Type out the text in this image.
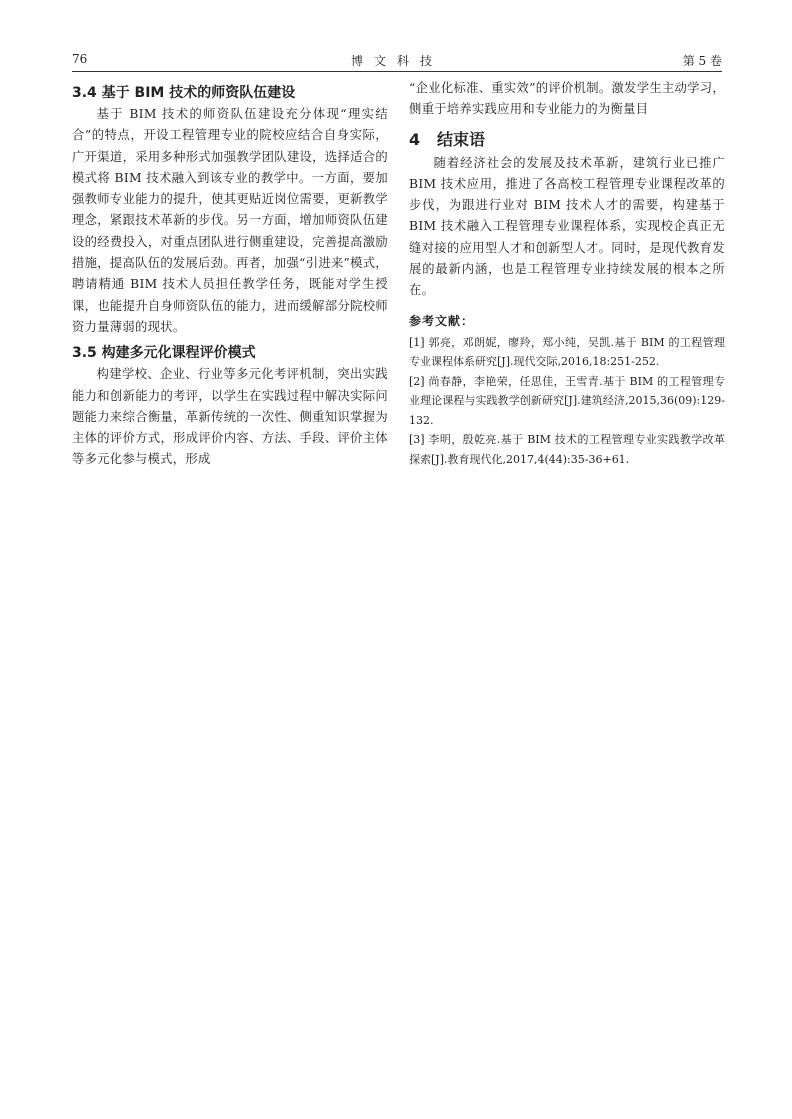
76	博文科技	第 5 卷
3.4 基于 BIM 技术的师资队伍建设

基于 BIM 技术的师资队伍建设充分体现“理实结合”的特点，开设工程管理专业的院校应结合自身实际，广开渠道，采用多种形式加强教学团队建设，选择适合的模式将 BIM 技术融入到该专业的教学中。一方面，要加强教师专业能力的提升，使其更贴近岗位需要，更新教学理念，紧跟技术革新的步伐。另一方面，增加师资队伍建设的经费投入，对重点团队进行侧重建设，完善提高激励措施，提高队伍的发展后劲。再者，加强“引进来”模式，聘请精通 BIM 技术人员担任教学任务，既能对学生授课，也能提升自身师资队伍的能力，进而缓解部分院校师资力量薄弱的现状。

3.5 构建多元化课程评价模式

构建学校、企业、行业等多元化考评机制，突出实践能力和创新能力的考评，以学生在实践过程中解决实际问题能力来综合衡量，革新传统的一次性、侧重知识掌握为主体的评价方式，形成评价内容、方法、手段、评价主体等多元化参与模式，形成

“企业化标准、重实效”的评价机制。激发学生主动学习，侧重于培养实践应用和专业能力的为衡量目

4 结束语

随着经济社会的发展及技术革新，建筑行业已推广 BIM 技术应用，推进了各高校工程管理专业课程改革的步伐，为跟进行业对 BIM 技术人才的需要，构建基于 BIM 技术融入工程管理专业课程体系，实现校企真正无缝对接的应用型人才和创新型人才。同时，是现代教育发展的最新内涵，也是工程管理专业持续发展的根本之所在。

参考文献：

[1] 郭亮，邓朗妮，廖羚，郑小纯，吴凯.基于 BIM 的工程管理专业课程体系研究[J].现代交际,2016,18:251-252.

[2] 尚春静，李艳荣，任思佳，王雪青.基于 BIM 的工程管理专业理论课程与实践教学创新研究[J].建筑经济,2015,36(09):129-132.

[3] 李明，殷乾亮.基于 BIM 技术的工程管理专业实践教学改革探索[J].教育现代化,2017,4(44):35-36+61.
